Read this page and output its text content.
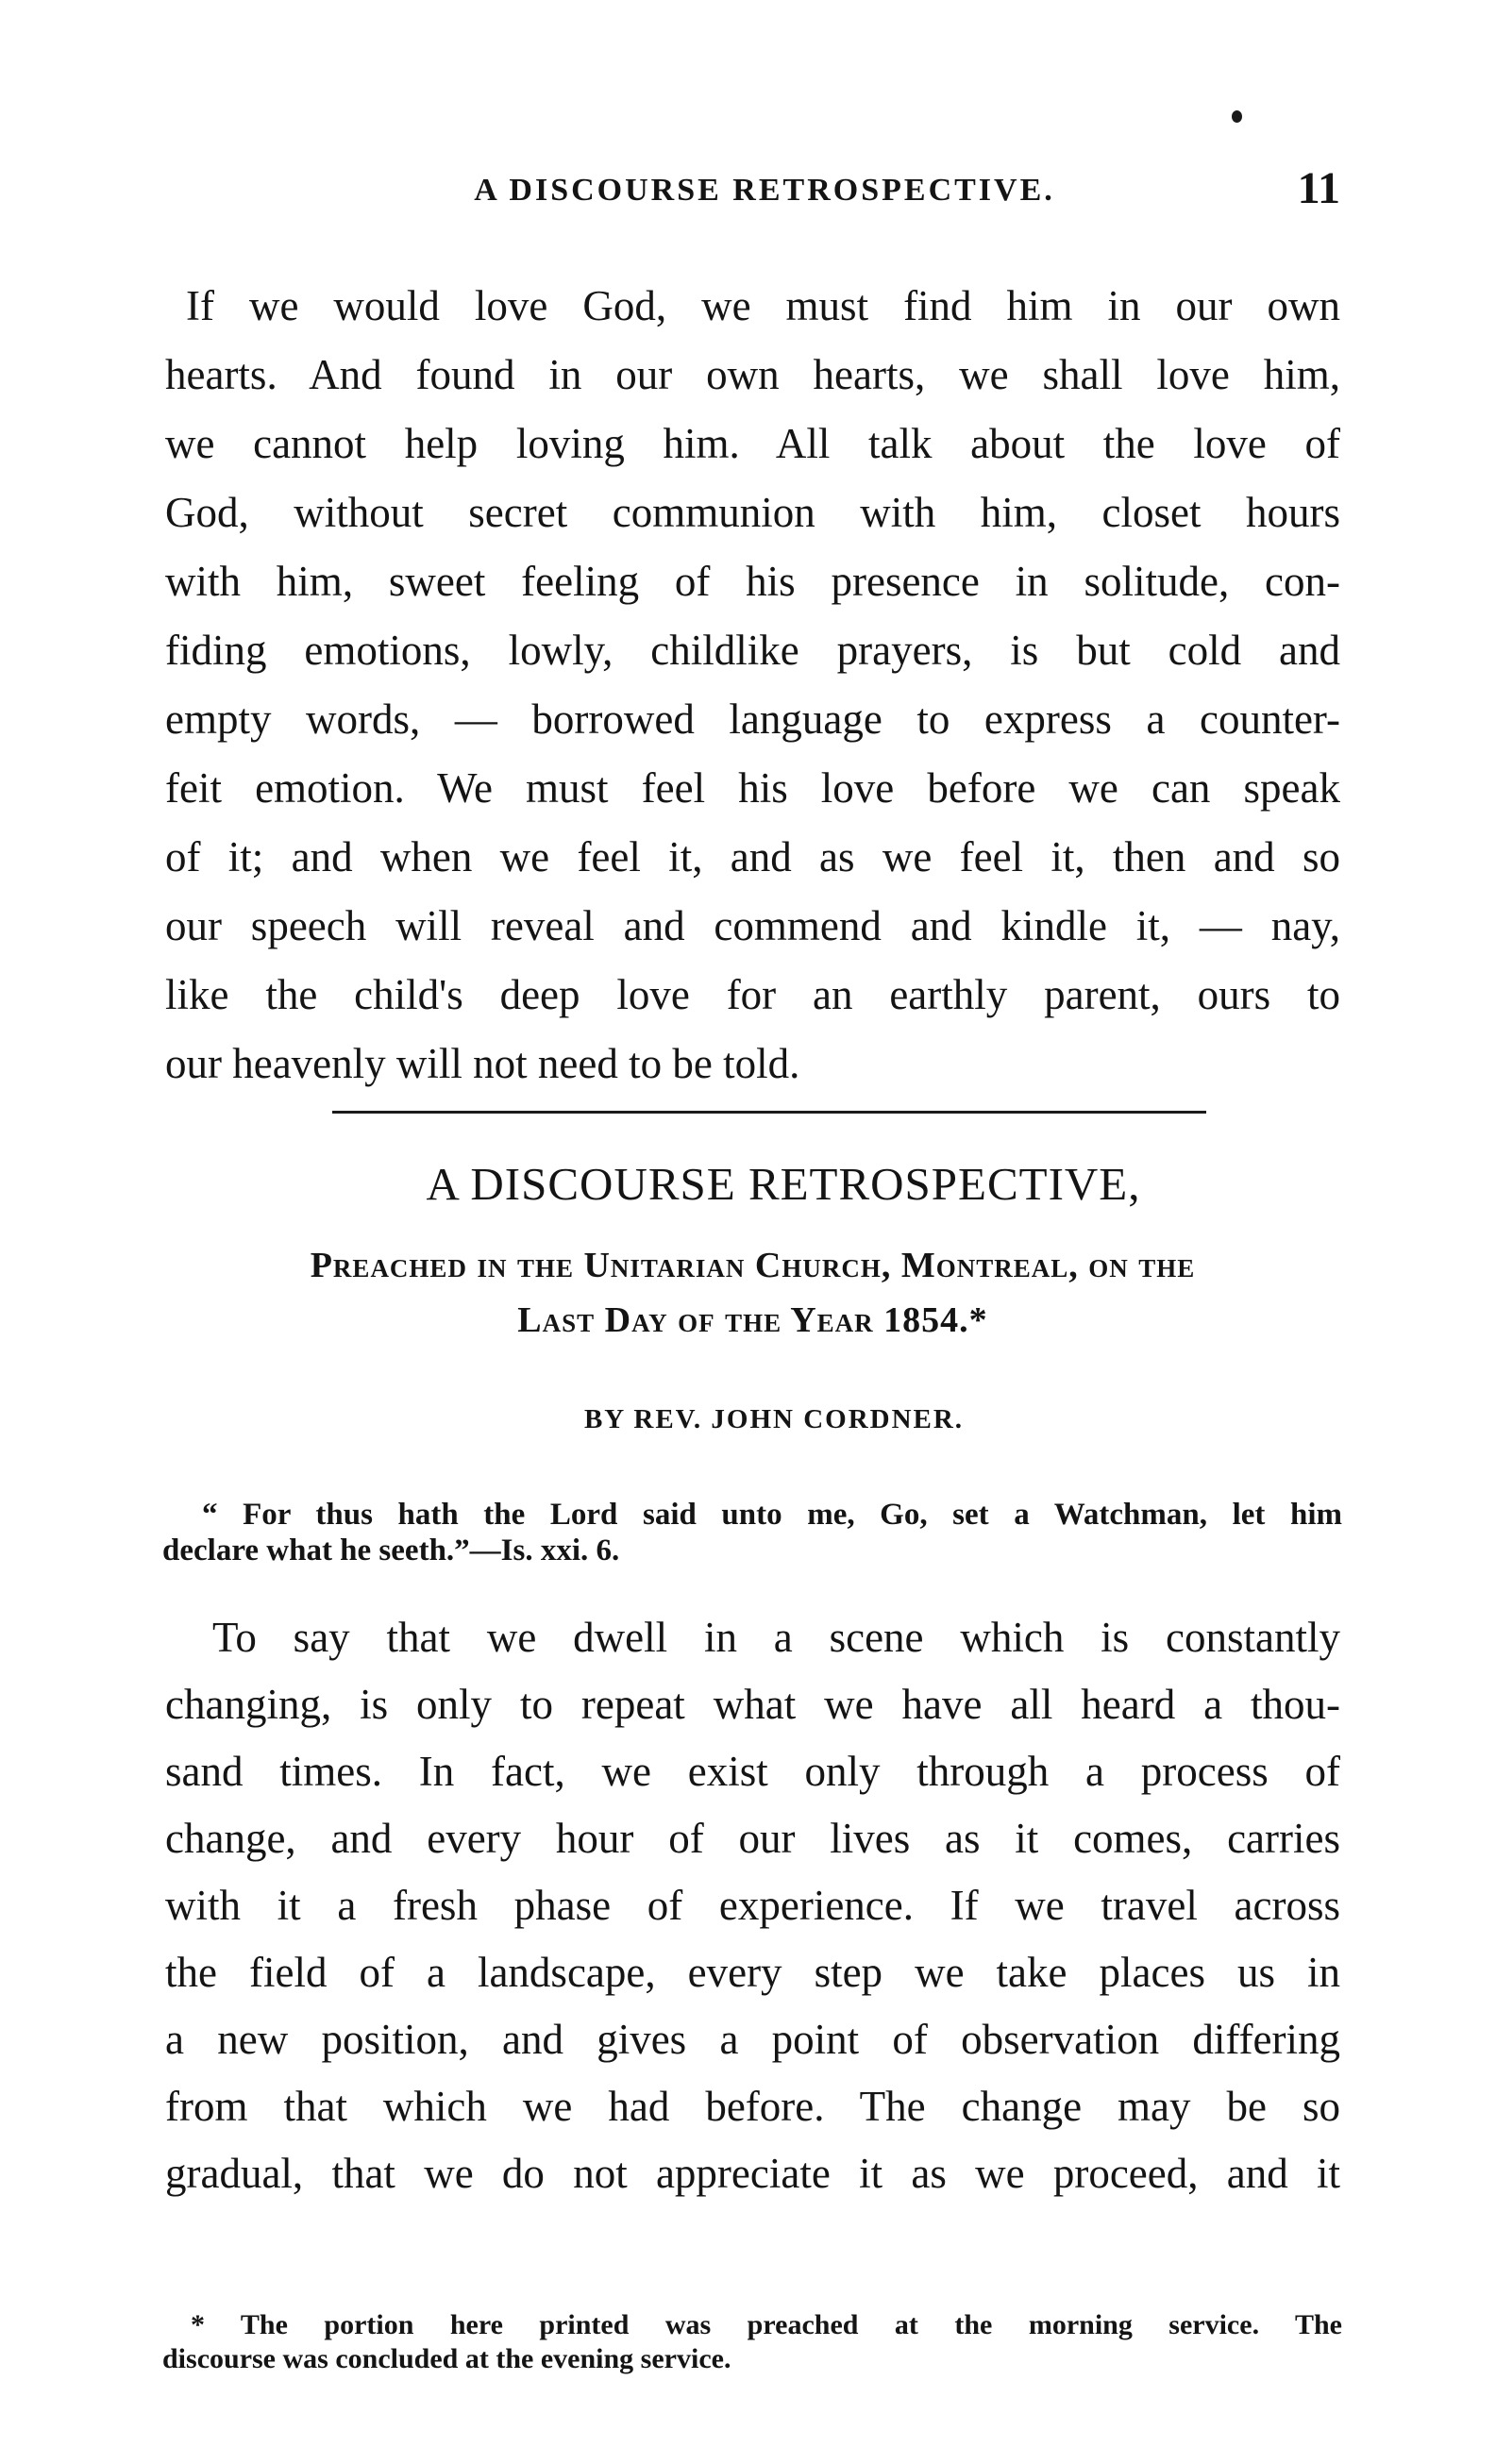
A DISCOURSE RETROSPECTIVE.	11

If we would love God, we must find him in our own
hearts. And found in our own hearts, we shall love him,
we cannot help loving him. All talk about the love of
God, without secret communion with him, closet hours
with him, sweet feeling of his presence in solitude, con-
fiding emotions, lowly, childlike prayers, is but cold and
empty words, — borrowed language to express a counter-
feit emotion. We must feel his love before we can speak
of it; and when we feel it, and as we feel it, then and so
our speech will reveal and commend and kindle it, — nay,
like the child's deep love for an earthly parent, ours to
our heavenly will not need to be told.

A DISCOURSE RETROSPECTIVE,
Preached in the Unitarian Church, Montreal, on the
Last Day of the Year 1854.*
BY REV. JOHN CORDNER.
“ For thus hath the Lord said unto me, Go, set a Watchman, let him
declare what he seeth.”—Is. xxi. 6.

To say that we dwell in a scene which is constantly
changing, is only to repeat what we have all heard a thou-
sand times. In fact, we exist only through a process of
change, and every hour of our lives as it comes, carries
with it a fresh phase of experience. If we travel across
the field of a landscape, every step we take places us in
a new position, and gives a point of observation differing
from that which we had before. The change may be so
gradual, that we do not appreciate it as we proceed, and it

* The portion here printed was preached at the morning service. The
discourse was concluded at the evening service.
